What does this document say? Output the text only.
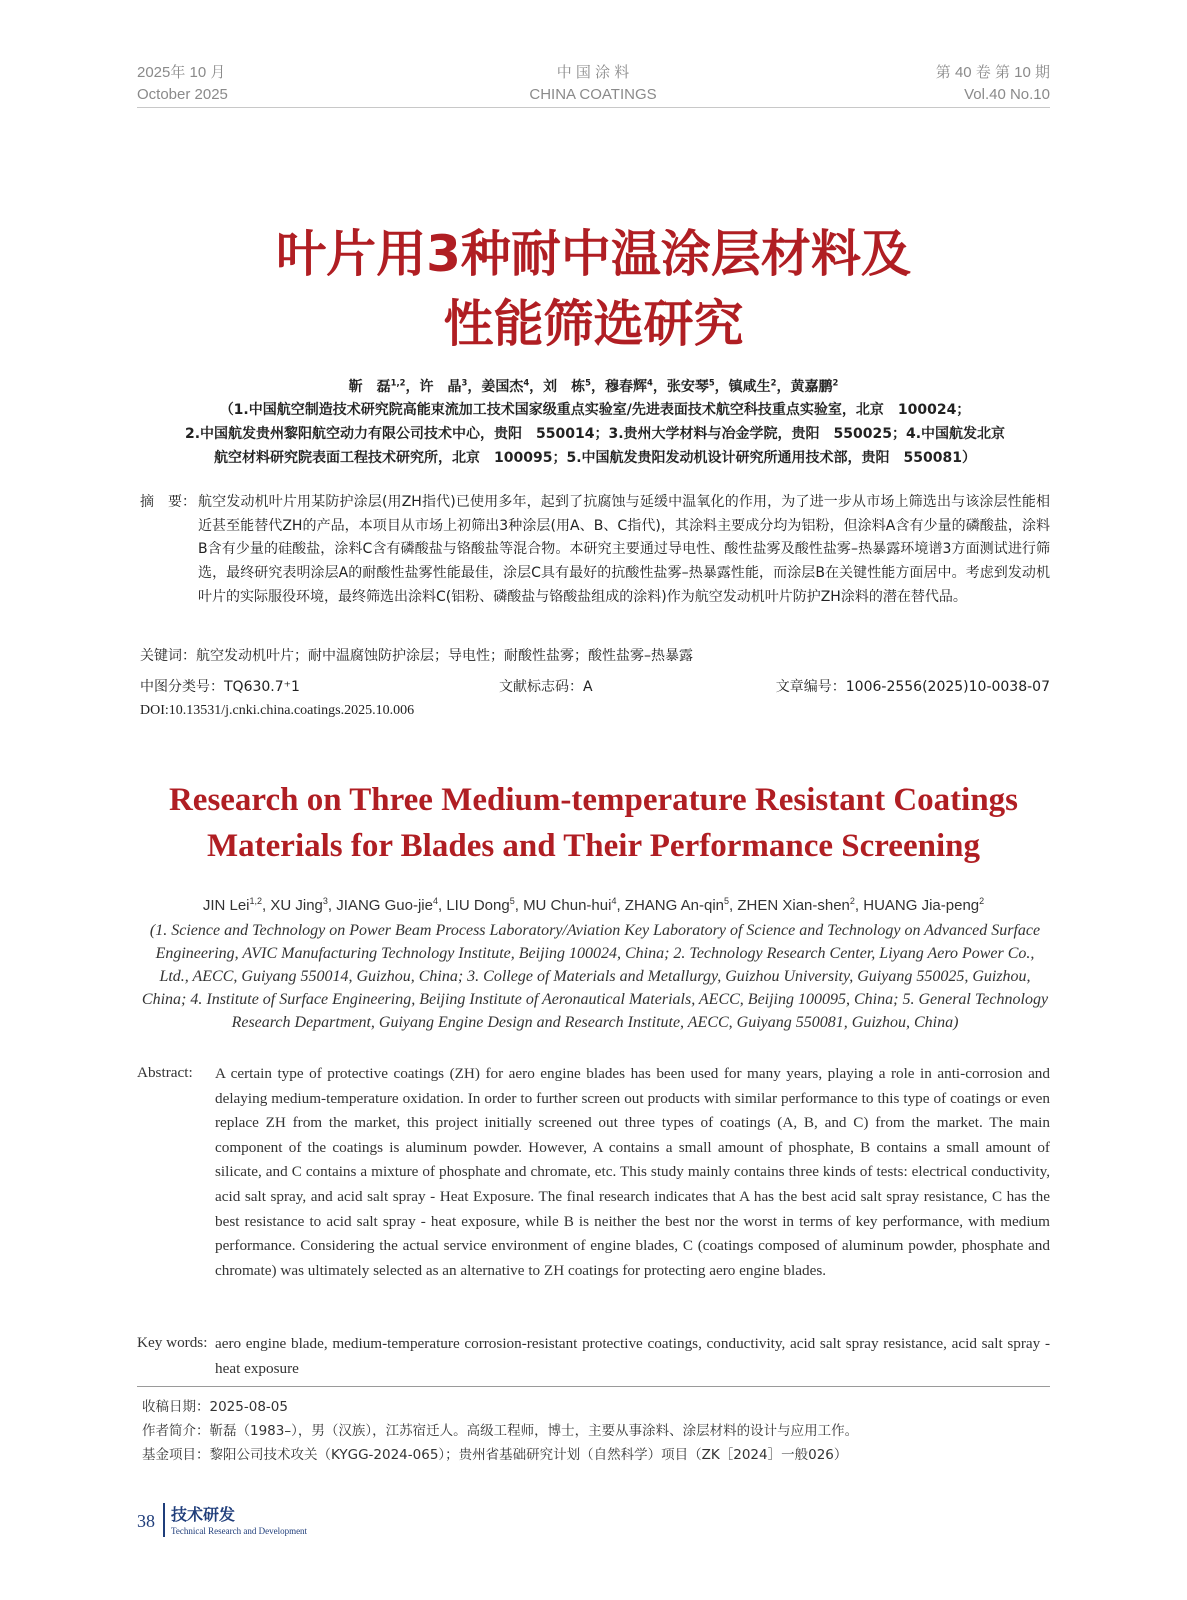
2025年 10 月
October 2025
中 国 涂 料
CHINA COATINGS
第 40 卷 第 10 期
Vol.40 No.10
叶片用3种耐中温涂层材料及
性能筛选研究
靳　磊$^{1,2}$，许　晶$^3$，姜国杰$^4$，刘　栋$^5$，穆春辉$^4$，张安琴$^5$，镇咸生$^2$，黄嘉鹏$^2$
（1.中国航空制造技术研究院高能束流加工技术国家级重点实验室/先进表面技术航空科技重点实验室，北京　100024；
2.中国航发贵州黎阳航空动力有限公司技术中心，贵阳　550014；3.贵州大学材料与冶金学院，贵阳　550025；4.中国航发北京
航空材料研究院表面工程技术研究所，北京　100095；5.中国航发贵阳发动机设计研究所通用技术部，贵阳　550081）
摘　要： 航空发动机叶片用某防护涂层(用ZH指代)已使用多年，起到了抗腐蚀与延缓中温氧化的作用，为了进一步从市场上筛选出与该涂层性能相近甚至能替代ZH的产品，本项目从市场上初筛出3种涂层(用A、B、C指代)，其涂料主要成分均为铝粉，但涂料A含有少量的磷酸盐，涂料B含有少量的硅酸盐，涂料C含有磷酸盐与铬酸盐等混合物。本研究主要通过导电性、酸性盐雾及酸性盐雾–热暴露环境谱3方面测试进行筛选，最终研究表明涂层A的耐酸性盐雾性能最佳，涂层C具有最好的抗酸性盐雾–热暴露性能，而涂层B在关键性能方面居中。考虑到发动机叶片的实际服役环境，最终筛选出涂料C(铝粉、磷酸盐与铬酸盐组成的涂料)作为航空发动机叶片防护ZH涂料的潜在替代品。
关键词：航空发动机叶片；耐中温腐蚀防护涂层；导电性；耐酸性盐雾；酸性盐雾–热暴露
中图分类号：TQ630.7⁺1	文献标志码：A	文章编号：1006-2556(2025)10-0038-07
DOI:10.13531/j.cnki.china.coatings.2025.10.006
Research on Three Medium-temperature Resistant Coatings
Materials for Blades and Their Performance Screening
JIN Lei$^{1,2}$, XU Jing$^3$, JIANG Guo-jie$^4$, LIU Dong$^5$, MU Chun-hui$^4$, ZHANG An-qin$^5$, ZHEN Xian-shen$^2$, HUANG Jia-peng$^2$
(1. Science and Technology on Power Beam Process Laboratory/Aviation Key Laboratory of Science and Technology on Advanced Surface Engineering, AVIC Manufacturing Technology Institute, Beijing 100024, China; 2. Technology Research Center, Liyang Aero Power Co., Ltd., AECC, Guiyang 550014, Guizhou, China; 3. College of Materials and Metallurgy, Guizhou University, Guiyang 550025, Guizhou, China; 4. Institute of Surface Engineering, Beijing Institute of Aeronautical Materials, AECC, Beijing 100095, China; 5. General Technology Research Department, Guiyang Engine Design and Research Institute, AECC, Guiyang 550081, Guizhou, China)
Abstract: A certain type of protective coatings (ZH) for aero engine blades has been used for many years, playing a role in anti-corrosion and delaying medium-temperature oxidation. In order to further screen out products with similar performance to this type of coatings or even replace ZH from the market, this project initially screened out three types of coatings (A, B, and C) from the market. The main component of the coatings is aluminum powder. However, A contains a small amount of phosphate, B contains a small amount of silicate, and C contains a mixture of phosphate and chromate, etc. This study mainly contains three kinds of tests: electrical conductivity, acid salt spray, and acid salt spray - Heat Exposure. The final research indicates that A has the best acid salt spray resistance, C has the best resistance to acid salt spray - heat exposure, while B is neither the best nor the worst in terms of key performance, with medium performance. Considering the actual service environment of engine blades, C (coatings composed of aluminum powder, phosphate and chromate) was ultimately selected as an alternative to ZH coatings for protecting aero engine blades.
Key words: aero engine blade, medium-temperature corrosion-resistant protective coatings, conductivity, acid salt spray resistance, acid salt spray - heat exposure
收稿日期：2025-08-05
作者简介：靳磊（1983–），男（汉族），江苏宿迁人。高级工程师，博士，主要从事涂料、涂层材料的设计与应用工作。
基金项目：黎阳公司技术攻关（KYGG-2024-065）；贵州省基础研究计划（自然科学）项目（ZK［2024］一般026）
38 技术研发
Technical Research and Development
